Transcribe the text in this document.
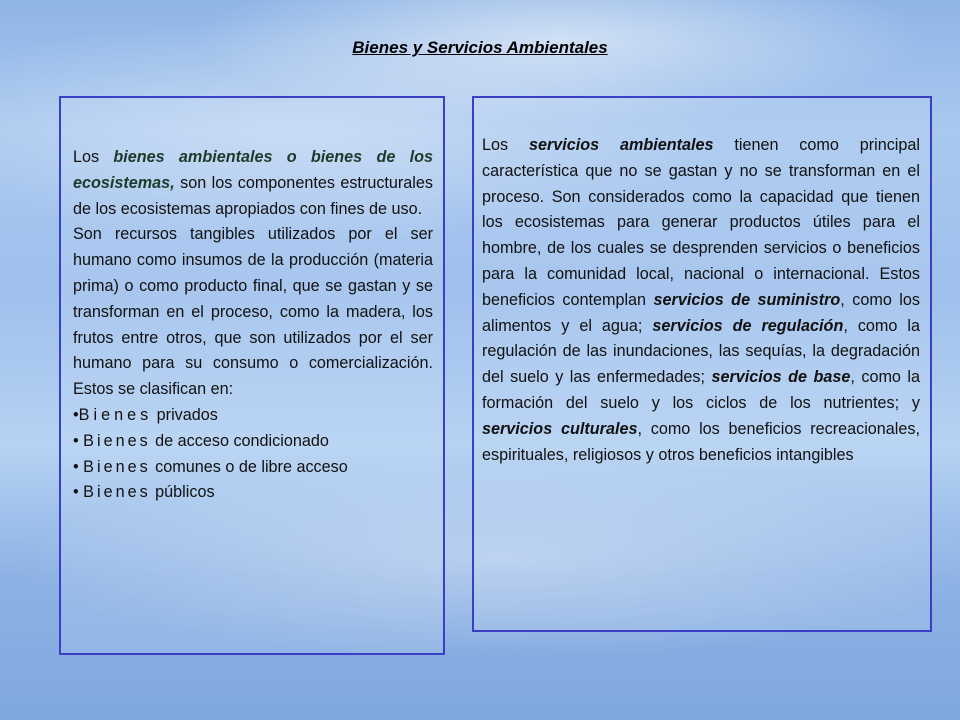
Bienes y Servicios Ambientales
Los bienes ambientales o bienes de los ecosistemas, son los componentes estructurales de los ecosistemas apropiados con fines de uso.
Son recursos tangibles utilizados por el ser humano como insumos de la producción (materia prima) o como producto final, que se gastan y se transforman en el proceso, como la madera, los frutos entre otros, que son utilizados por el ser humano para su consumo o comercialización. Estos se clasifican en:
•Bienes privados
• Bienes de acceso condicionado
• Bienes comunes o de libre acceso
• Bienes públicos
Los servicios ambientales tienen como principal característica que no se gastan y no se transforman en el proceso. Son considerados como la capacidad que tienen los ecosistemas para generar productos útiles para el hombre, de los cuales se desprenden servicios o beneficios para la comunidad local, nacional o internacional. Estos beneficios contemplan servicios de suministro, como los alimentos y el agua; servicios de regulación, como la regulación de las inundaciones, las sequías, la degradación del suelo y las enfermedades; servicios de base, como la formación del suelo y los ciclos de los nutrientes; y servicios culturales, como los beneficios recreacionales, espirituales, religiosos y otros beneficios intangibles
